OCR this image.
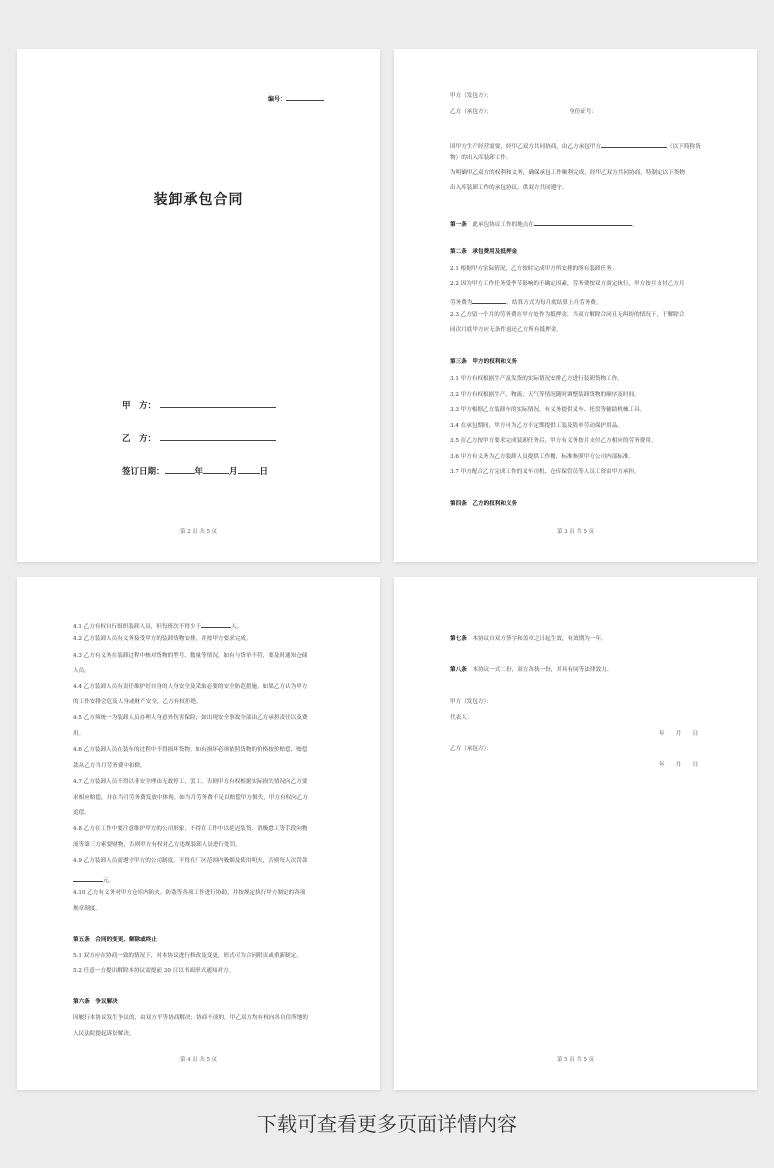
编号：
装卸承包合同
甲　方：
乙　方：
签订日期：	年	月	日
第 2 页 共 5 页
甲方（发包方）：
乙方（承包方）：	身份证号：
因甲方生产经营需要，经甲乙双方共同协商，由乙方承包甲方	（以下简称货
物）的出入库装卸工作。
为明确甲乙双方的权利和义务，确保承包工作顺利完成，经甲乙双方共同协商，特制定以下货物
出入库装卸工作的承包协议，供双方共同遵守。
第一条　 此承包协议工作的地点在	。
第二条　承包费用及抵押金
2.1 根据甲方实际情况，乙方按时完成甲方所安排的所有装卸任务。
2.2 因为甲方工作任务受季节影响的不确定因素，劳务费按双方商定执行，甲方按月支付乙方月
劳务费为	，结算方式为每月底结算上月劳务费。
2.3 乙方留一个月的劳务费在甲方处作为抵押金，当双方解除合同且无纠纷的情况下，于解除合
同次月底甲方应无条件返还乙方所有抵押金。
第三条　甲方的权利和义务
3.1 甲方有权根据生产及发货的实际情况安排乙方进行装卸货物工作。
3.2 甲方有权根据生产、物流、天气等情况随时调整装卸货物的顺序及时间。
3.3 甲方根据乙方装卸车的实际情况，有义务提供叉车、托盘等辅助机械工具。
3.4 在承包期间，甲方可为乙方不定期提供工装及简单劳动保护用品。
3.5 在乙方按甲方要求完成装卸任务后，甲方有义务按月支付乙方相应的劳务费用。
3.6 甲方有义务为乙方装卸人员提供工作餐，标准参照甲方公司内部标准。
3.7 甲方配合乙方完成工作的叉车司机、仓库保管员等人员工资由甲方承担。
第四条　乙方的权利和义务
第 3 页 共 5 页
4.1 乙方有权自行组织装卸人员，但每班次不得少于	人。
4.2 乙方装卸人员有义务接受甲方的装卸货物安排，并按甲方要求完成。
4.3 乙方有义务在装卸过程中核对货物的型号、数量等情况，如有与货单不符，要及时通知仓储
人员。
4.4 乙方装卸人员有责任维护好自身的人身安全及采取必要的安全防范措施。如果乙方认为甲方
的工作安排会危及人身或财产安全，乙方有权拒绝。
4.5 乙方须统一为装卸人员办理人身意外伤害保险，如出现安全事故全部由乙方承担责任以及费
用。
4.6 乙方装卸人员在装车的过程中不得损坏货物，如有损坏必须依照货物的价格按价赔偿，赔偿
款从乙方当月劳务费中扣除。
4.7 乙方装卸人员不得以非安全理由无故停工、罢工，否则甲方有权根据实际损失情况向乙方要
求相应赔偿，并在当月劳务费发放中体现。如当月劳务费不足以赔偿甲方损失，甲方有权向乙方
追偿。
4.8 乙方在工作中要注意维护甲方的公司形象，不得在工作中以延迟装货、消极怠工等手段向物
流等第三方索要财物，否则甲方有权对乙方违规装卸人员进行处罚。
4.9 乙方装卸人员需遵守甲方的公司制度，不得在厂区范围内吸烟及使用明火，否则每人次罚款
元。
4.10 乙方有义务对甲方仓库内防火、防盗等各项工作进行协助，并按规定执行甲方制定的各项
规章制度。
第五条　合同的变更、解除或终止
5.1 双方应在协商一致的情况下，对本协议进行修改及变更，形式可为合同附页或重新制定。
5.2 任意一方提出解除本协议需提前 30 日以书面形式通知对方。
第六条　争议解决
因履行本协议发生争议的，由双方平等协商解决；协商不成的，甲乙双方均有权向各自住所地的
人民法院提起诉讼解决。
第 4 页 共 5 页
第七条　 本协议自双方签字和盖章之日起生效，有效期为一年。
第八条　 本协议一式二份，双方各执一份，并具有同等法律效力。
甲方（发包方）：
代表人：
年　　月　　日
乙方（承包方）：
年　　月　　日
第 5 页 共 5 页
下载可查看更多页面详情内容
